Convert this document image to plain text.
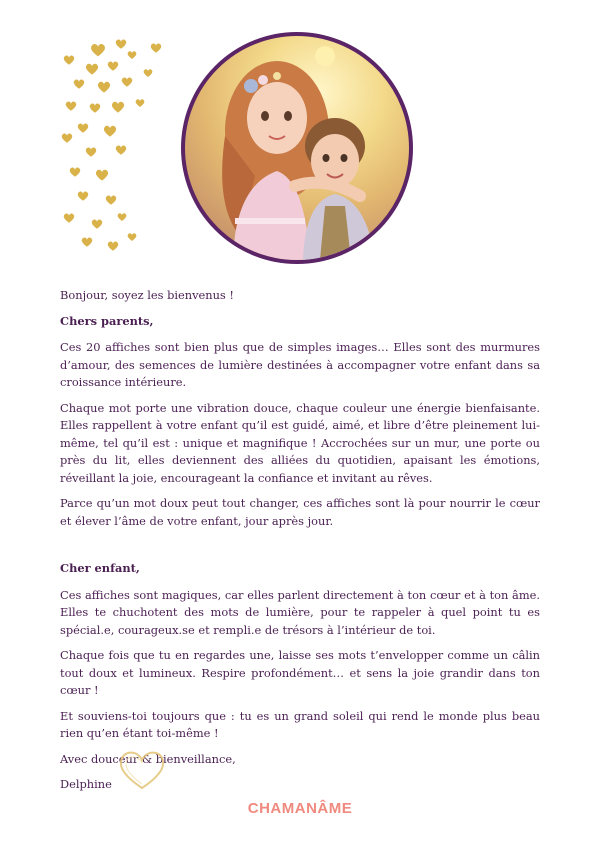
Bonjour, soyez les bienvenus !

Chers parents,

Ces 20 affiches sont bien plus que de simples images… Elles sont des murmures d’amour, des semences de lumière destinées à accompagner votre enfant dans sa croissance intérieure.

Chaque mot porte une vibration douce, chaque couleur une énergie bienfaisante. Elles rappellent à votre enfant qu’il est guidé, aimé, et libre d’être pleinement lui-même, tel qu’il est : unique et magnifique ! Accrochées sur un mur, une porte ou près du lit, elles deviennent des alliées du quotidien, apaisant les émotions, réveillant la joie, encourageant la confiance et invitant au rêves.

Parce qu’un mot doux peut tout changer, ces affiches sont là pour nourrir le cœur et élever l’âme de votre enfant, jour après jour.

Cher enfant,

Ces affiches sont magiques, car elles parlent directement à ton cœur et à ton âme. Elles te chuchotent des mots de lumière, pour te rappeler à quel point tu es spécial.e, courageux.se et rempli.e de trésors à l’intérieur de toi.

Chaque fois que tu en regardes une, laisse ses mots t’envelopper comme un câlin tout doux et lumineux. Respire profondément… et sens la joie grandir dans ton cœur !

Et souviens-toi toujours que : tu es un grand soleil qui rend le monde plus beau rien qu’en étant toi-même !

Avec douceur & bienveillance,

Delphine

CHAMANÂME
